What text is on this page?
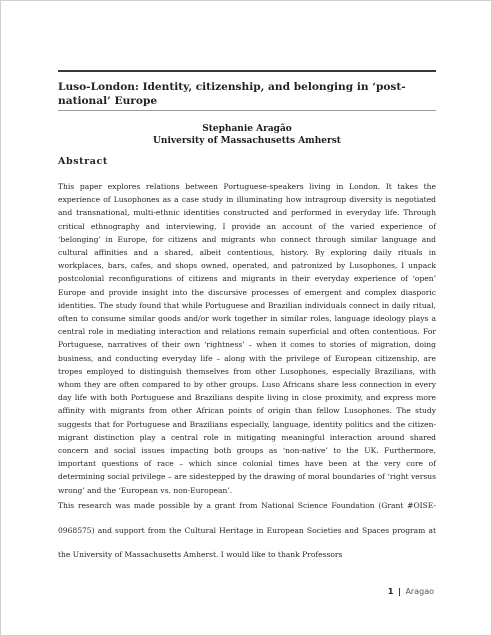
Luso-London: Identity, citizenship, and belonging in ‘post-national’ Europe
Stephanie Aragão
University of Massachusetts Amherst
Abstract
This paper explores relations between Portuguese-speakers living in London. It takes the experience of Lusophones as a case study in illuminating how intragroup diversity is negotiated and transnational, multi-ethnic identities constructed and performed in everyday life. Through critical ethnography and interviewing, I provide an account of the varied experience of ‘belonging’ in Europe, for citizens and migrants who connect through similar language and cultural affinities and a shared, albeit contentious, history. By exploring daily rituals in workplaces, bars, cafes, and shops owned, operated, and patronized by Lusophones, I unpack postcolonial reconfigurations of citizens and migrants in their everyday experience of ‘open’ Europe and provide insight into the discursive processes of emergent and complex diasporic identities. The study found that while Portuguese and Brazilian individuals connect in daily ritual, often to consume similar goods and/or work together in similar roles, language ideology plays a central role in mediating interaction and relations remain superficial and often contentious. For Portuguese, narratives of their own ‘rightness’ – when it comes to stories of migration, doing business, and conducting everyday life – along with the privilege of European citizenship, are tropes employed to distinguish themselves from other Lusophones, especially Brazilians, with whom they are often compared to by other groups. Luso Africans share less connection in every day life with both Portuguese and Brazilians despite living in close proximity, and express more affinity with migrants from other African points of origin than fellow Lusophones. The study suggests that for Portuguese and Brazilians especially, language, identity politics and the citizen-migrant distinction play a central role in mitigating meaningful interaction around shared concern and social issues impacting both groups as ‘non-native’ to the UK. Furthermore, important questions of race – which since colonial times have been at the very core of determining social privilege – are sidestepped by the drawing of moral boundaries of ‘right versus wrong’ and the ‘European vs. non-European’.
This research was made possible by a grant from National Science Foundation (Grant #OISE-0968575) and support from the Cultural Heritage in European Societies and Spaces program at the University of Massachusetts Amherst. I would like to thank Professors
1 | Aragao
